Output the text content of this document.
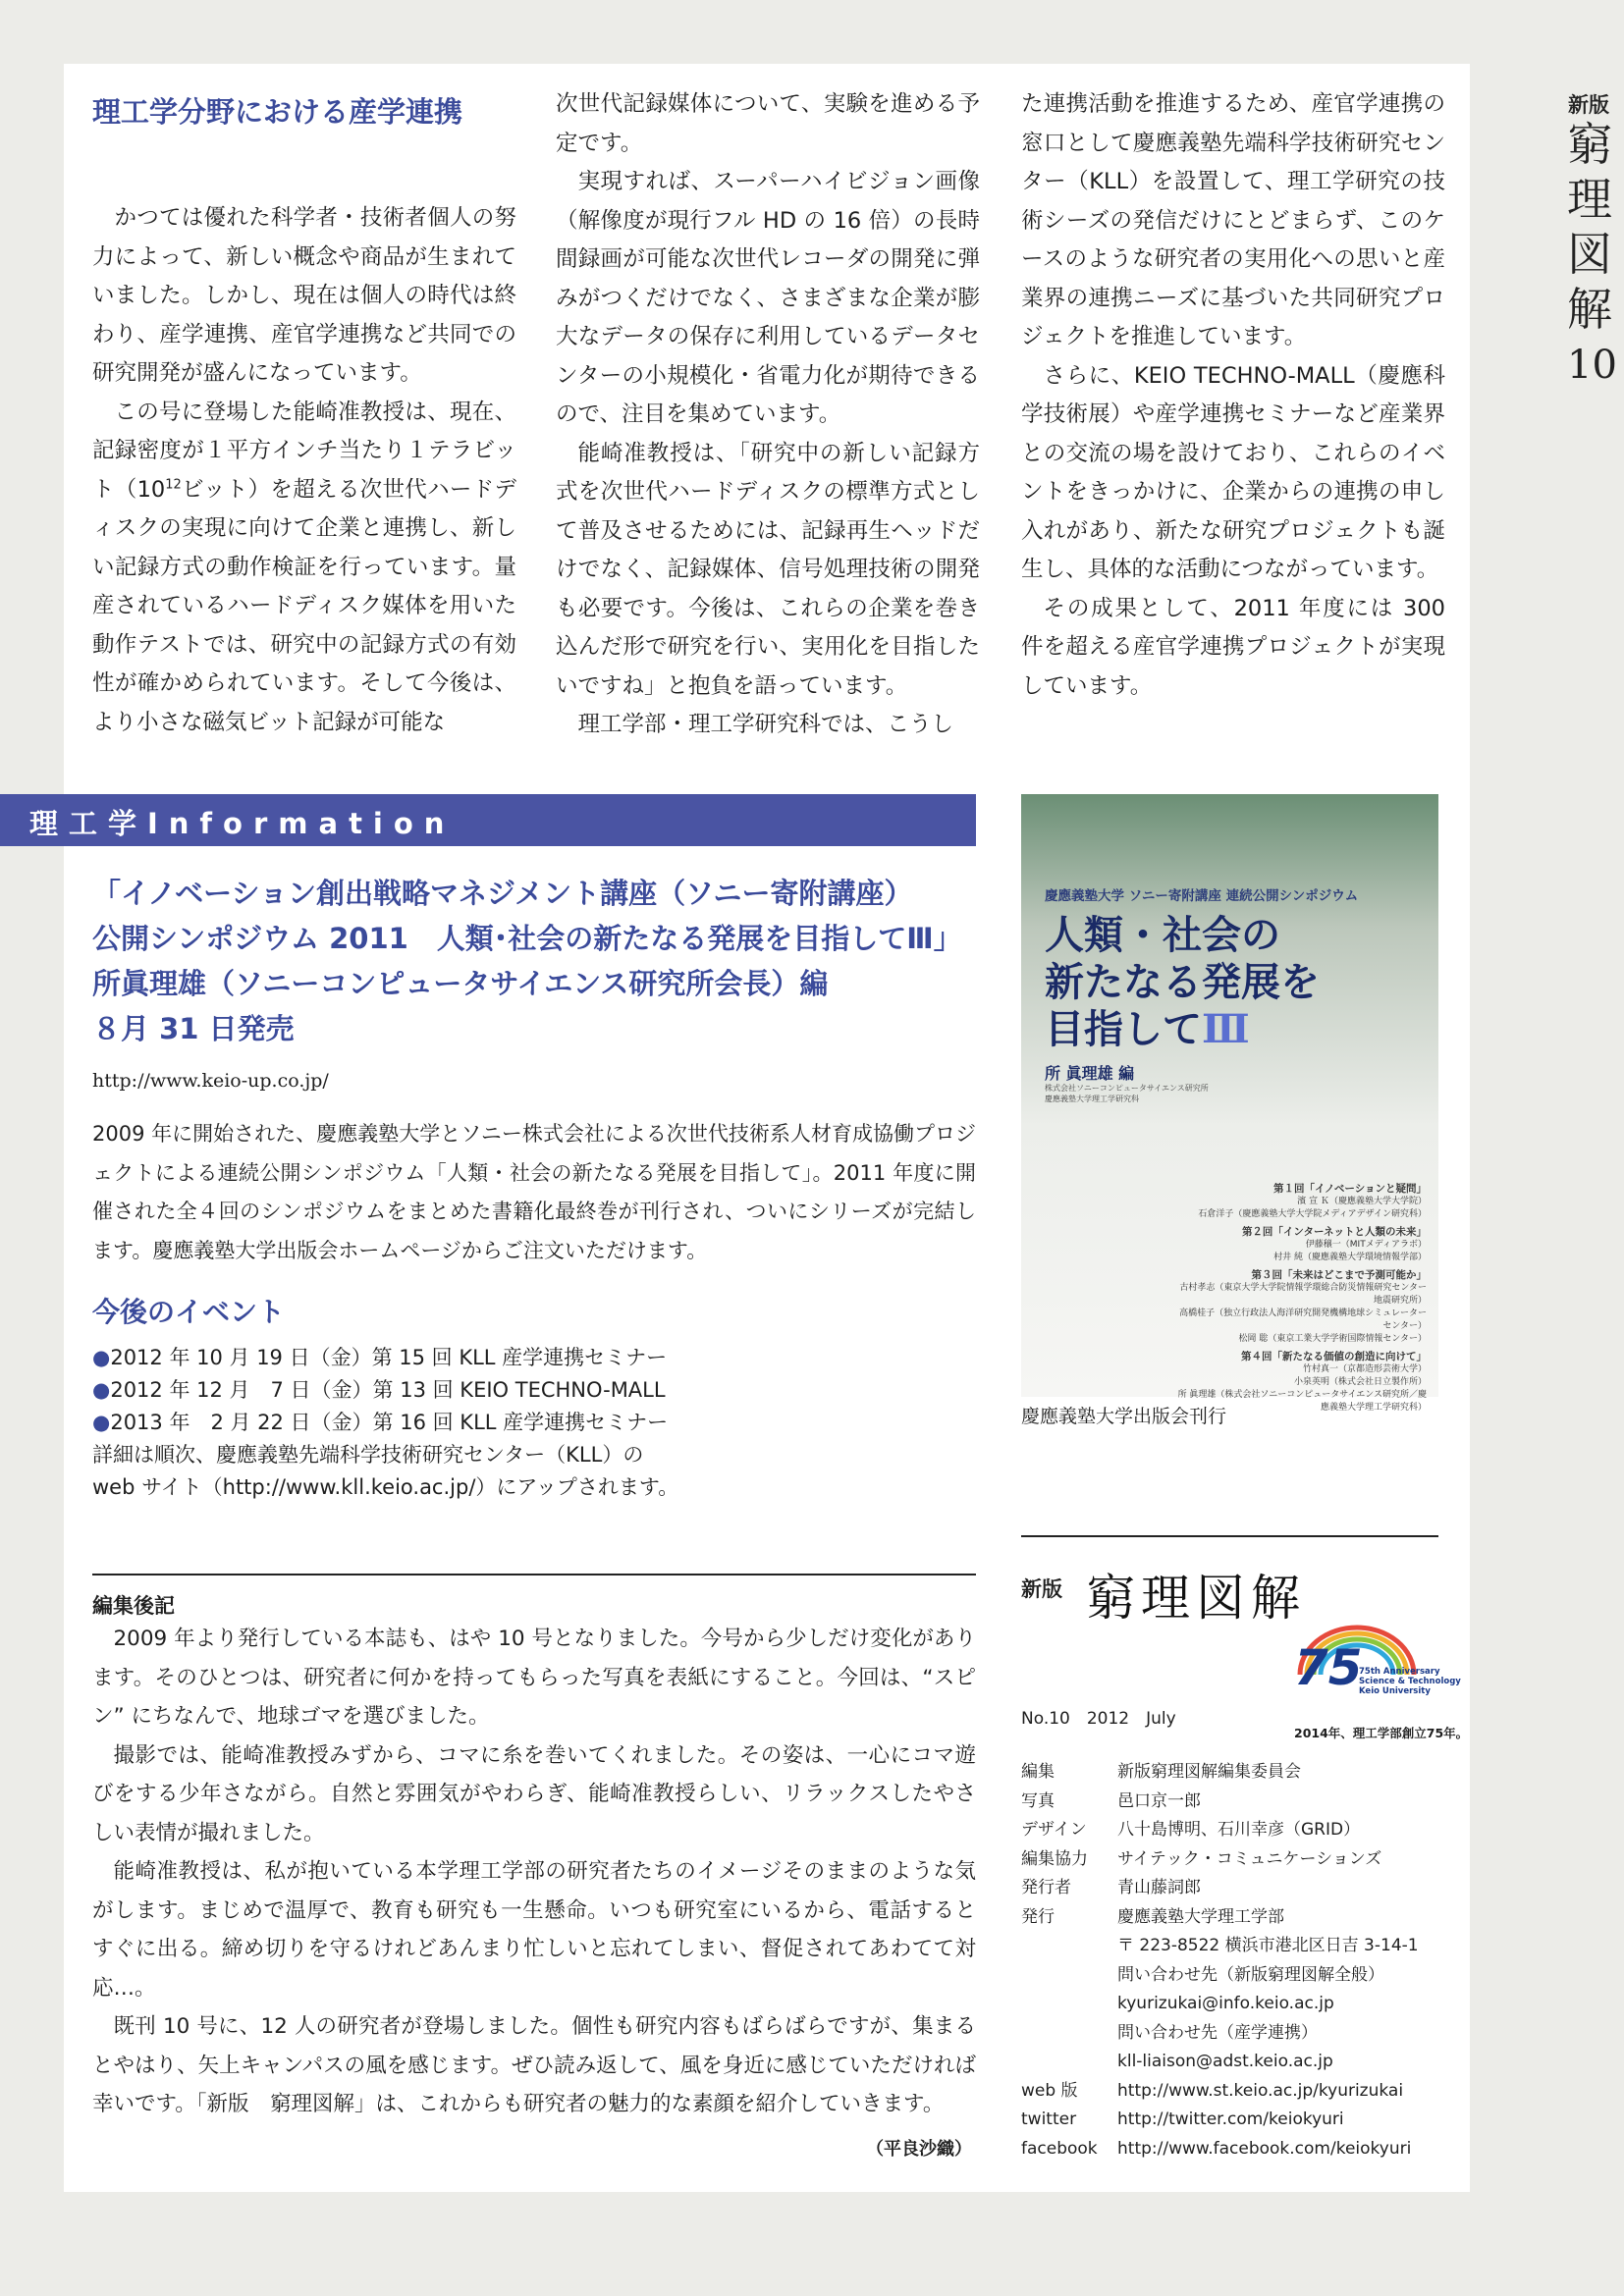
新版
窮
理
図
解
10
理工学分野における産学連携

かつては優れた科学者・技術者個人の努力によって、新しい概念や商品が生まれていました。しかし、現在は個人の時代は終わり、産学連携、産官学連携など共同での研究開発が盛んになっています。

この号に登場した能崎准教授は、現在、記録密度が１平方インチ当たり１テラビット（$10^{12}$ビット）を超える次世代ハードディスクの実現に向けて企業と連携し、新しい記録方式の動作検証を行っています。量産されているハードディスク媒体を用いた動作テストでは、研究中の記録方式の有効性が確かめられています。そして今後は、より小さな磁気ビット記録が可能な

次世代記録媒体について、実験を進める予定です。

実現すれば、スーパーハイビジョン画像（解像度が現行フル HD の 16 倍）の長時間録画が可能な次世代レコーダの開発に弾みがつくだけでなく、さまざまな企業が膨大なデータの保存に利用しているデータセンターの小規模化・省電力化が期待できるので、注目を集めています。

能崎准教授は、「研究中の新しい記録方式を次世代ハードディスクの標準方式として普及させるためには、記録再生ヘッドだけでなく、記録媒体、信号処理技術の開発も必要です。今後は、これらの企業を巻き込んだ形で研究を行い、実用化を目指したいですね」と抱負を語っています。

理工学部・理工学研究科では、こうし

た連携活動を推進するため、産官学連携の窓口として慶應義塾先端科学技術研究センター（KLL）を設置して、理工学研究の技術シーズの発信だけにとどまらず、このケースのような研究者の実用化への思いと産業界の連携ニーズに基づいた共同研究プロジェクトを推進しています。

さらに、KEIO TECHNO-MALL（慶應科学技術展）や産学連携セミナーなど産業界との交流の場を設けており、これらのイベントをきっかけに、企業からの連携の申し入れがあり、新たな研究プロジェクトも誕生し、具体的な活動につながっています。

その成果として、2011 年度には 300 件を超える産官学連携プロジェクトが実現しています。

理工学Information
「イノベーション創出戦略マネジメント講座（ソニー寄附講座）
公開シンポジウム 2011　人類･社会の新たなる発展を目指してⅢ」
所眞理雄（ソニーコンピュータサイエンス研究所会長）編
８月 31 日発売
http://www.keio-up.co.jp/
2009 年に開始された、慶應義塾大学とソニー株式会社による次世代技術系人材育成協働プロジェクトによる連続公開シンポジウム「人類・社会の新たなる発展を目指して」。2011 年度に開催された全４回のシンポジウムをまとめた書籍化最終巻が刊行され、ついにシリーズが完結します。慶應義塾大学出版会ホームページからご注文いただけます。
慶應義塾大学 ソニー寄附講座 連続公開シンポジウム
人類・社会の
新たなる発展を
目指してⅢ
所 眞理雄 編
株式会社ソニーコンピュータサイエンス研究所
慶應義塾大学理工学研究科
第１回「イノベーションと疑問」
濱 宣 Ｋ（慶應義塾大学大学院）
石倉洋子（慶應義塾大学大学院メディアデザイン研究科）
第２回「インターネットと人類の未来」
伊藤穣一（MITメディアラボ）
村井 純（慶應義塾大学環境情報学部）
第３回「未来はどこまで予測可能か」
古村孝志（東京大学大学院情報学環総合防災情報研究センター地震研究所）
高橋桂子（独立行政法人海洋研究開発機構地球シミュレーターセンター）
松岡 聡（東京工業大学学術国際情報センター）
第４回「新たなる価値の創造に向けて」
竹村真一（京都造形芸術大学）
小泉英明（株式会社日立製作所）
所 眞理雄（株式会社ソニーコンピュータサイエンス研究所／慶應義塾大学理工学研究科）
慶應義塾大学出版会刊行
今後のイベント
●2012 年 10 月 19 日（金）第 15 回 KLL 産学連携セミナー
●2012 年 12 月　7 日（金）第 13 回 KEIO TECHNO-MALL
●2013 年　2 月 22 日（金）第 16 回 KLL 産学連携セミナー
詳細は順次、慶應義塾先端科学技術研究センター（KLL）の
web サイト（http://www.kll.keio.ac.jp/）にアップされます。
編集後記

2009 年より発行している本誌も、はや 10 号となりました。今号から少しだけ変化があります。そのひとつは、研究者に何かを持ってもらった写真を表紙にすること。今回は、“スピン” にちなんで、地球ゴマを選びました。

撮影では、能崎准教授みずから、コマに糸を巻いてくれました。その姿は、一心にコマ遊びをする少年さながら。自然と雰囲気がやわらぎ、能崎准教授らしい、リラックスしたやさしい表情が撮れました。

能崎准教授は、私が抱いている本学理工学部の研究者たちのイメージそのままのような気がします。まじめで温厚で、教育も研究も一生懸命。いつも研究室にいるから、電話するとすぐに出る。締め切りを守るけれどあんまり忙しいと忘れてしまい、督促されてあわてて対応…。

既刊 10 号に、12 人の研究者が登場しました。個性も研究内容もばらばらですが、集まるとやはり、矢上キャンパスの風を感じます。ぜひ読み返して、風を身近に感じていただければ幸いです。「新版　窮理図解」は、これからも研究者の魅力的な素顔を紹介していきます。

（平良沙織）
新版 窮理図解
75
75th Anniversary
Science & Technology
Keio University
2014年、理工学部創立75年。
No.10　2012　July
編集	新版窮理図解編集委員会
写真	邑口京一郎
デザイン	八十島博明、石川幸彦（GRID）
編集協力	サイテック・コミュニケーションズ
発行者	青山藤詞郎
発行	慶應義塾大学理工学部
〒 223-8522 横浜市港北区日吉 3-14-1
問い合わせ先（新版窮理図解全般）
kyurizukai@info.keio.ac.jp
問い合わせ先（産学連携）
kll-liaison@adst.keio.ac.jp
web 版	http://www.st.keio.ac.jp/kyurizukai
twitter	http://twitter.com/keiokyuri
facebook	http://www.facebook.com/keiokyuri
